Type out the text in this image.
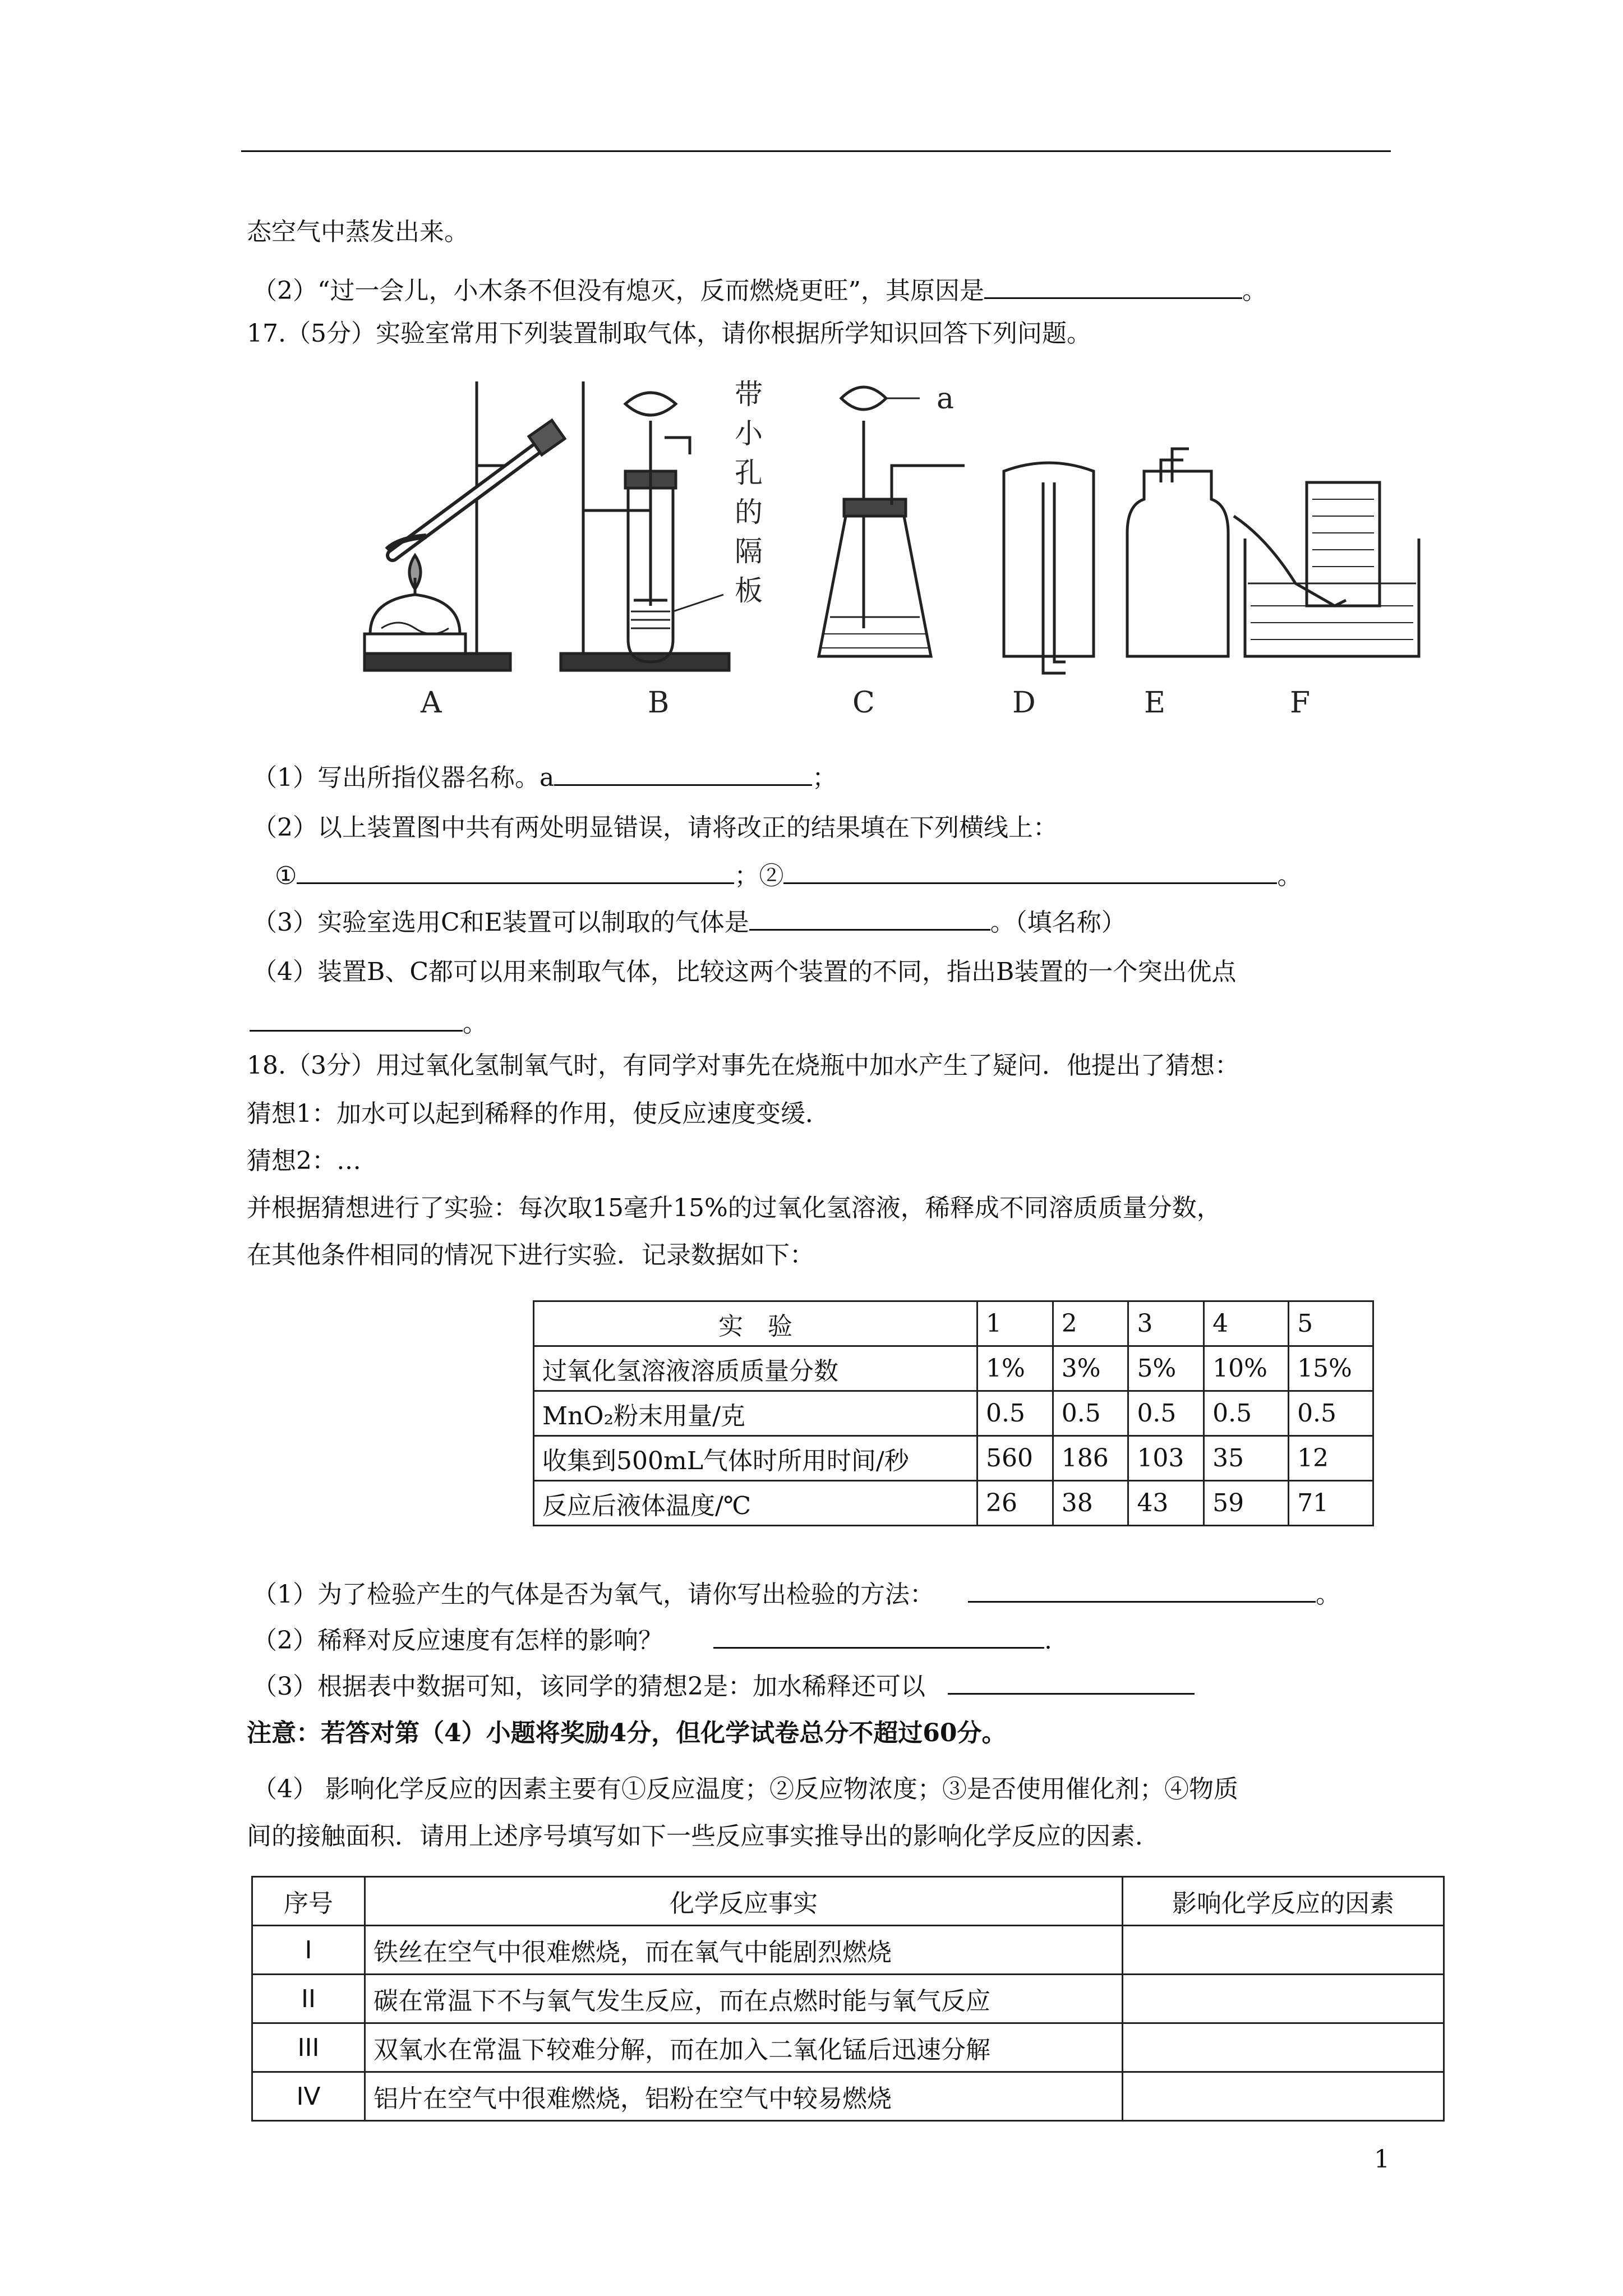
态空气中蒸发出来。
（2）“过一会儿，小木条不但没有熄灭，反而燃烧更旺”，其原因是	。
17.（5分）实验室常用下列装置制取气体，请你根据所学知识回答下列问题。
带
小
孔
的
隔
板
a
A	B	C	D	E	F
（1）写出所指仪器名称。a	；
（2）以上装置图中共有两处明显错误，请将改正的结果填在下列横线上：
①	；②	。
（3）实验室选用C和E装置可以制取的气体是	。（填名称）
（4）装置B、C都可以用来制取气体，比较这两个装置的不同，指出B装置的一个突出优点
。
18.（3分）用过氧化氢制氧气时，有同学对事先在烧瓶中加水产生了疑问．他提出了猜想：
猜想1：加水可以起到稀释的作用，使反应速度变缓．
猜想2：…
并根据猜想进行了实验：每次取15毫升15%的过氧化氢溶液，稀释成不同溶质质量分数，
在其他条件相同的情况下进行实验．记录数据如下：
实　验	1	2	3	4	5
过氧化氢溶液溶质质量分数	1%	3%	5%	10%	15%
MnO₂粉末用量/克	0.5	0.5	0.5	0.5	0.5
收集到500mL气体时所用时间/秒	560	186	103	35	12
反应后液体温度/℃	26	38	43	59	71
（1）为了检验产生的气体是否为氧气，请你写出检验的方法：	。
（2）稀释对反应速度有怎样的影响？	.
（3）根据表中数据可知，该同学的猜想2是：加水稀释还可以
注意：若答对第（4）小题将奖励4分，但化学试卷总分不超过60分。
（4） 影响化学反应的因素主要有①反应温度；②反应物浓度；③是否使用催化剂；④物质
间的接触面积．请用上述序号填写如下一些反应事实推导出的影响化学反应的因素．
序号	化学反应事实	影响化学反应的因素
I	铁丝在空气中很难燃烧，而在氧气中能剧烈燃烧	
II	碳在常温下不与氧气发生反应，而在点燃时能与氧气反应	
III	双氧水在常温下较难分解，而在加入二氧化锰后迅速分解	
IV	铝片在空气中很难燃烧，铝粉在空气中较易燃烧	
1
